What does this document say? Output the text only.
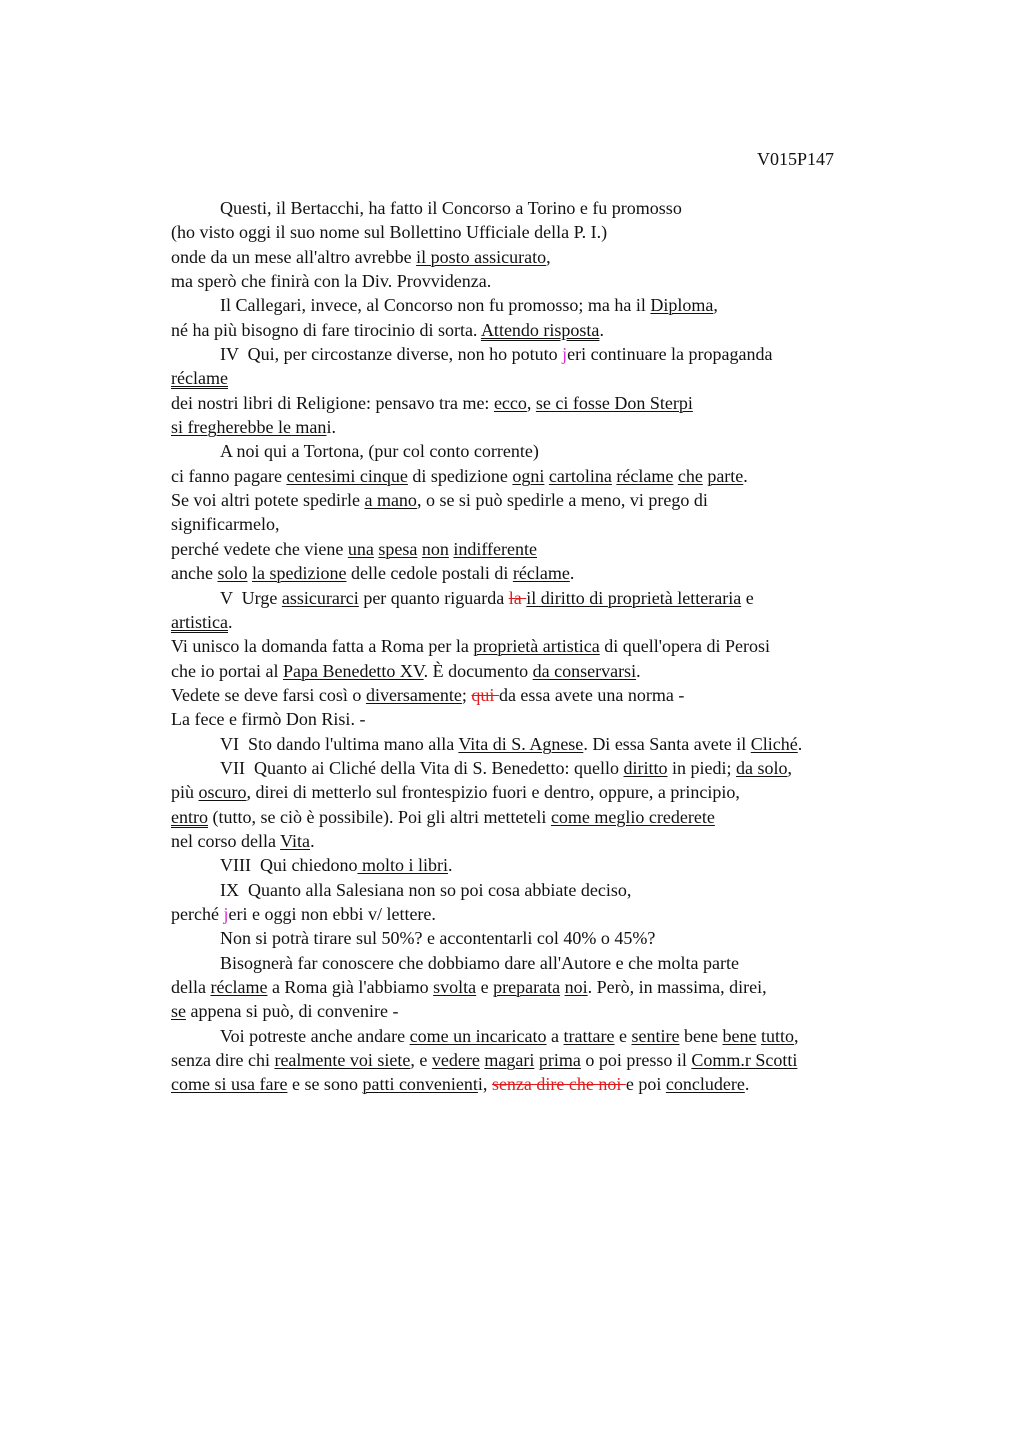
V015P147
Questi, il Bertacchi, ha fatto il Concorso a Torino e fu promosso
(ho visto oggi il suo nome sul Bollettino Ufficiale della P. I.)
onde da un mese all'altro avrebbe il posto assicurato,
ma sperò che finirà con la Div. Provvidenza.
Il Callegari, invece, al Concorso non fu promosso; ma ha il Diploma,
né ha più bisogno di fare tirocinio di sorta. Attendo risposta.
IV  Qui, per circostanze diverse, non ho potuto jeri continuare la propaganda
réclame
dei nostri libri di Religione: pensavo tra me: ecco, se ci fosse Don Sterpi
si fregherebbe le mani.
A noi qui a Tortona, (pur col conto corrente)
ci fanno pagare centesimi cinque di spedizione ogni cartolina réclame che parte.
Se voi altri potete spedirle a mano, o se si può spedirle a meno, vi prego di
significarmelo,
perché vedete che viene una spesa non indifferente
anche solo la spedizione delle cedole postali di réclame.
V  Urge assicurarci per quanto riguarda la il diritto di proprietà letteraria e
artistica.
Vi unisco la domanda fatta a Roma per la proprietà artistica di quell'opera di Perosi
che io portai al Papa Benedetto XV. È documento da conservarsi.
Vedete se deve farsi così o diversamente; qui da essa avete una norma -
La fece e firmò Don Risi. -
VI  Sto dando l'ultima mano alla Vita di S. Agnese. Di essa Santa avete il Cliché.
VII  Quanto ai Cliché della Vita di S. Benedetto: quello diritto in piedi; da solo,
più oscuro, direi di metterlo sul frontespizio fuori e dentro, oppure, a principio,
entro (tutto, se ciò è possibile). Poi gli altri metteteli come meglio crederete
nel corso della Vita.
VIII  Qui chiedono molto i libri.
IX  Quanto alla Salesiana non so poi cosa abbiate deciso,
perché jeri e oggi non ebbi v/ lettere.
Non si potrà tirare sul 50%? e accontentarli col 40% o 45%?
Bisognerà far conoscere che dobbiamo dare all'Autore e che molta parte
della réclame a Roma già l'abbiamo svolta e preparata noi. Però, in massima, direi,
se appena si può, di convenire -
Voi potreste anche andare come un incaricato a trattare e sentire bene bene tutto,
senza dire chi realmente voi siete, e vedere magari prima o poi presso il Comm.r Scotti
come si usa fare e se sono patti convenienti, senza dire che noi e poi concludere.
